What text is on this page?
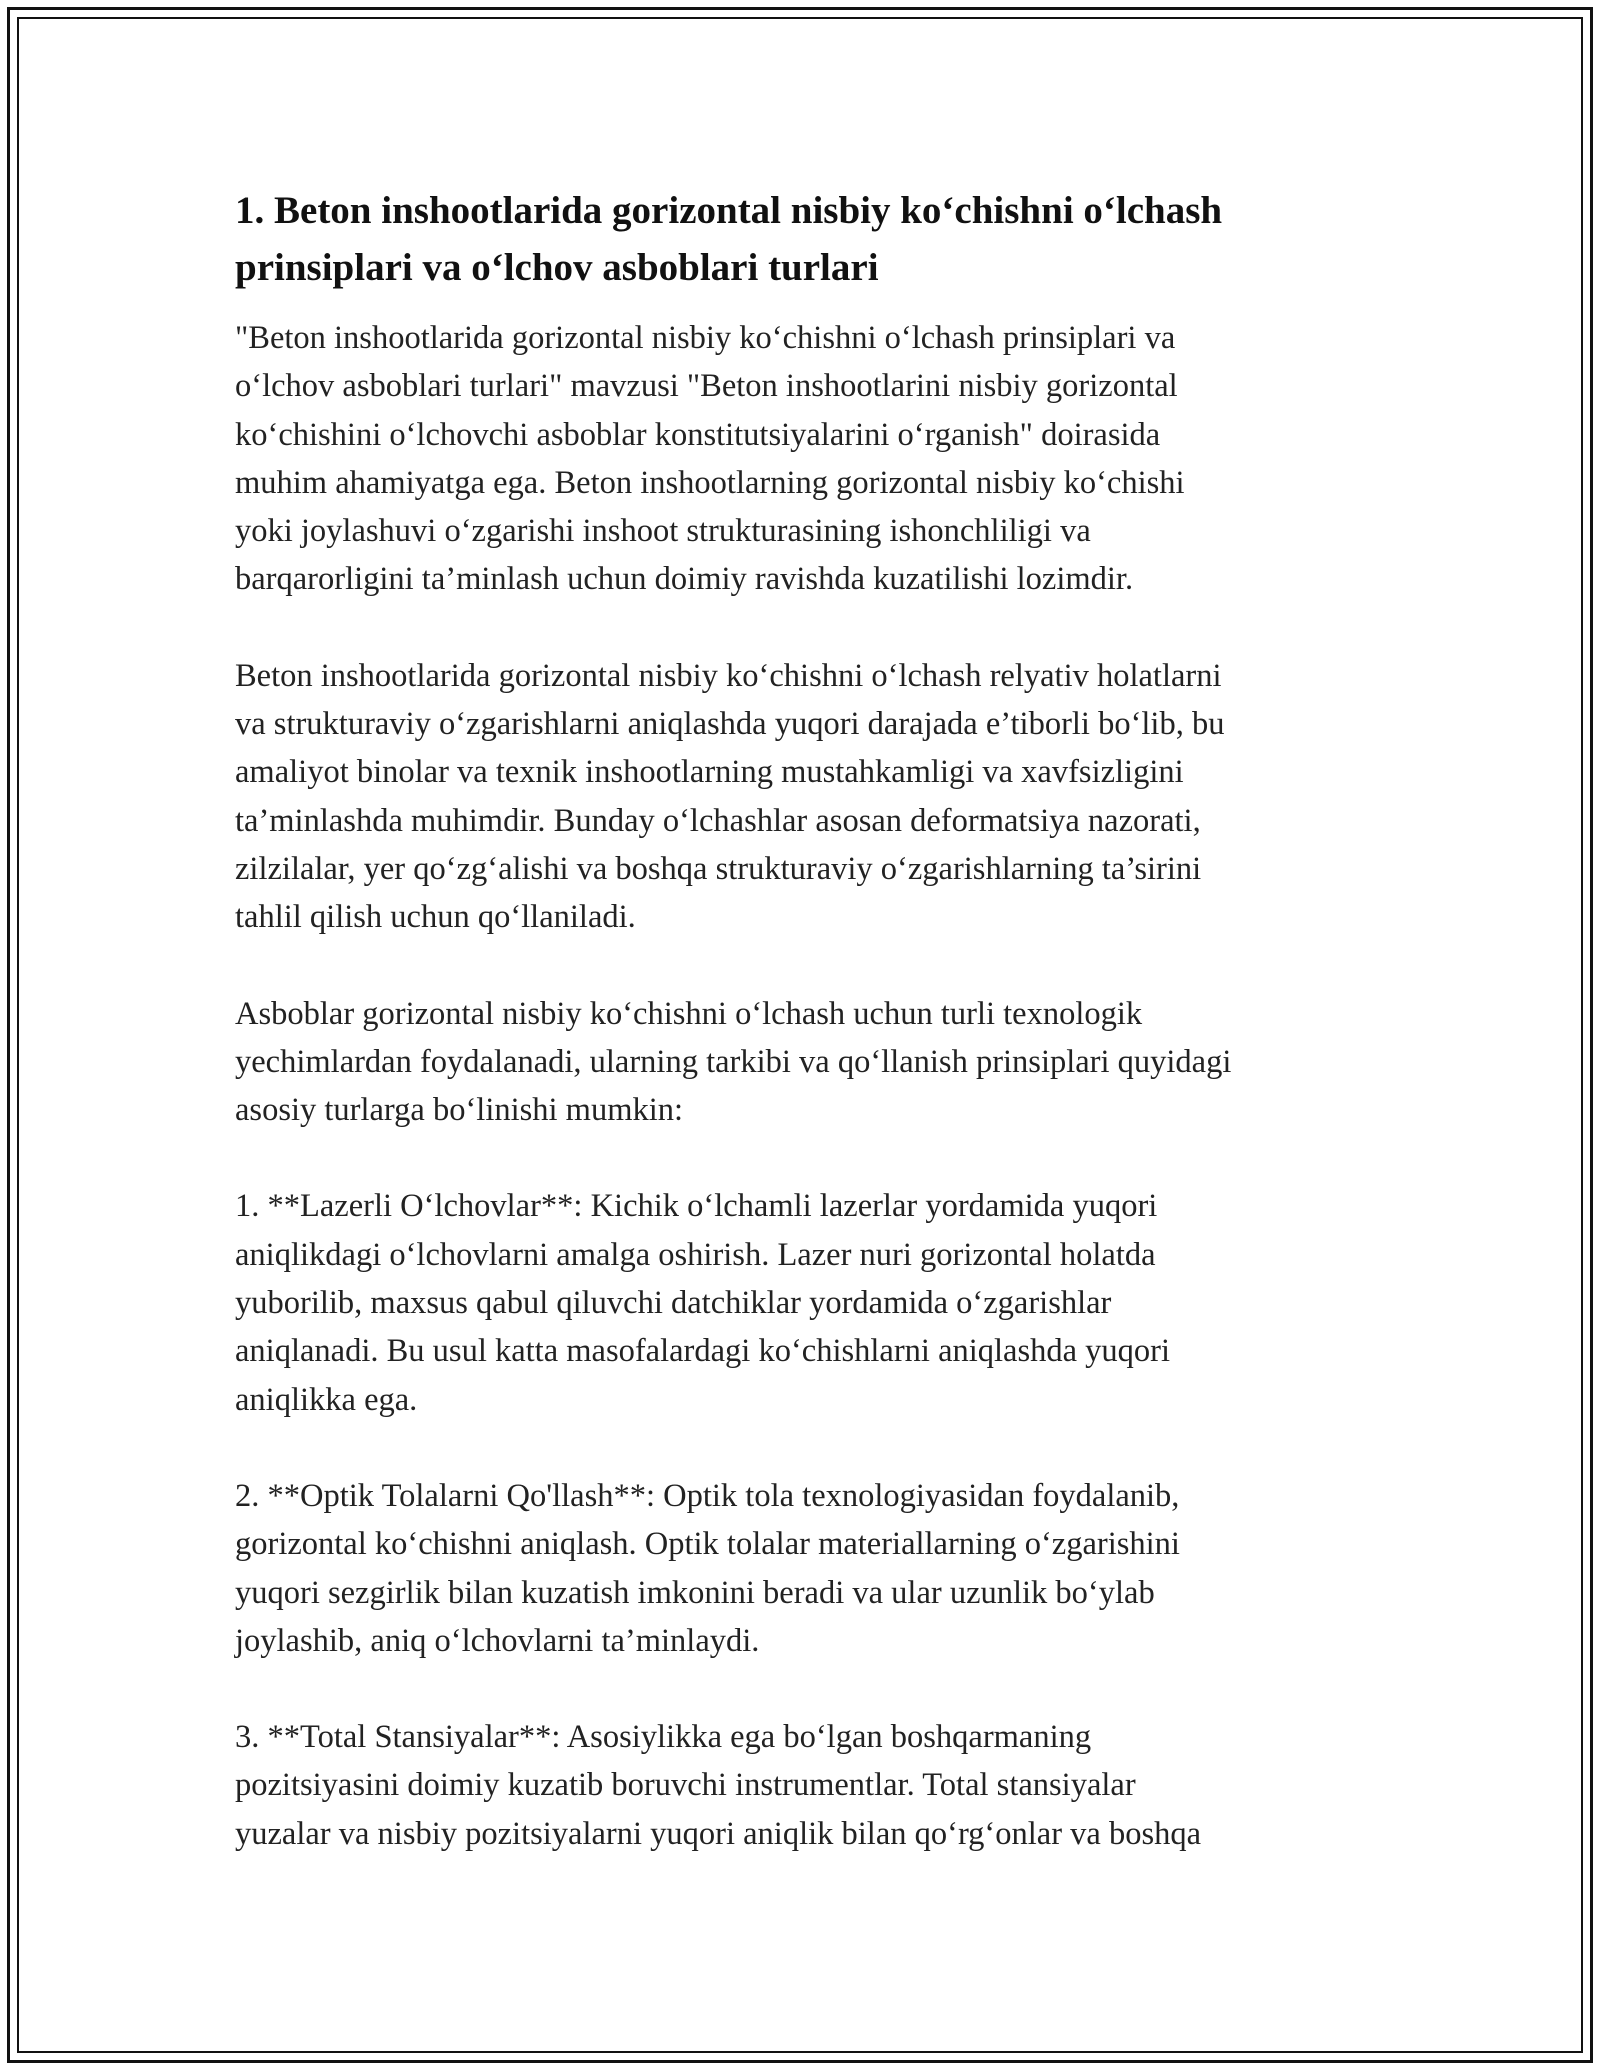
1. Beton inshootlarida gorizontal nisbiy ko‘chishni o‘lchash
prinsiplari va o‘lchov asboblari turlari

"Beton inshootlarida gorizontal nisbiy ko‘chishni o‘lchash prinsiplari va
o‘lchov asboblari turlari" mavzusi "Beton inshootlarini nisbiy gorizontal
ko‘chishini o‘lchovchi asboblar konstitutsiyalarini o‘rganish" doirasida
muhim ahamiyatga ega. Beton inshootlarning gorizontal nisbiy ko‘chishi
yoki joylashuvi o‘zgarishi inshoot strukturasining ishonchliligi va
barqarorligini ta’minlash uchun doimiy ravishda kuzatilishi lozimdir.

Beton inshootlarida gorizontal nisbiy ko‘chishni o‘lchash relyativ holatlarni
va strukturaviy o‘zgarishlarni aniqlashda yuqori darajada e’tiborli bo‘lib, bu
amaliyot binolar va texnik inshootlarning mustahkamligi va xavfsizligini
ta’minlashda muhimdir. Bunday o‘lchashlar asosan deformatsiya nazorati,
zilzilalar, yer qo‘zg‘alishi va boshqa strukturaviy o‘zgarishlarning ta’sirini
tahlil qilish uchun qo‘llaniladi.

Asboblar gorizontal nisbiy ko‘chishni o‘lchash uchun turli texnologik
yechimlardan foydalanadi, ularning tarkibi va qo‘llanish prinsiplari quyidagi
asosiy turlarga bo‘linishi mumkin:

1. **Lazerli O‘lchovlar**: Kichik o‘lchamli lazerlar yordamida yuqori
aniqlikdagi o‘lchovlarni amalga oshirish. Lazer nuri gorizontal holatda
yuborilib, maxsus qabul qiluvchi datchiklar yordamida o‘zgarishlar
aniqlanadi. Bu usul katta masofalardagi ko‘chishlarni aniqlashda yuqori
aniqlikka ega.

2. **Optik Tolalarni Qo'llash**: Optik tola texnologiyasidan foydalanib,
gorizontal ko‘chishni aniqlash. Optik tolalar materiallarning o‘zgarishini
yuqori sezgirlik bilan kuzatish imkonini beradi va ular uzunlik bo‘ylab
joylashib, aniq o‘lchovlarni ta’minlaydi.

3. **Total Stansiyalar**: Asosiylikka ega bo‘lgan boshqarmaning
pozitsiyasini doimiy kuzatib boruvchi instrumentlar. Total stansiyalar
yuzalar va nisbiy pozitsiyalarni yuqori aniqlik bilan qo‘rg‘onlar va boshqa
